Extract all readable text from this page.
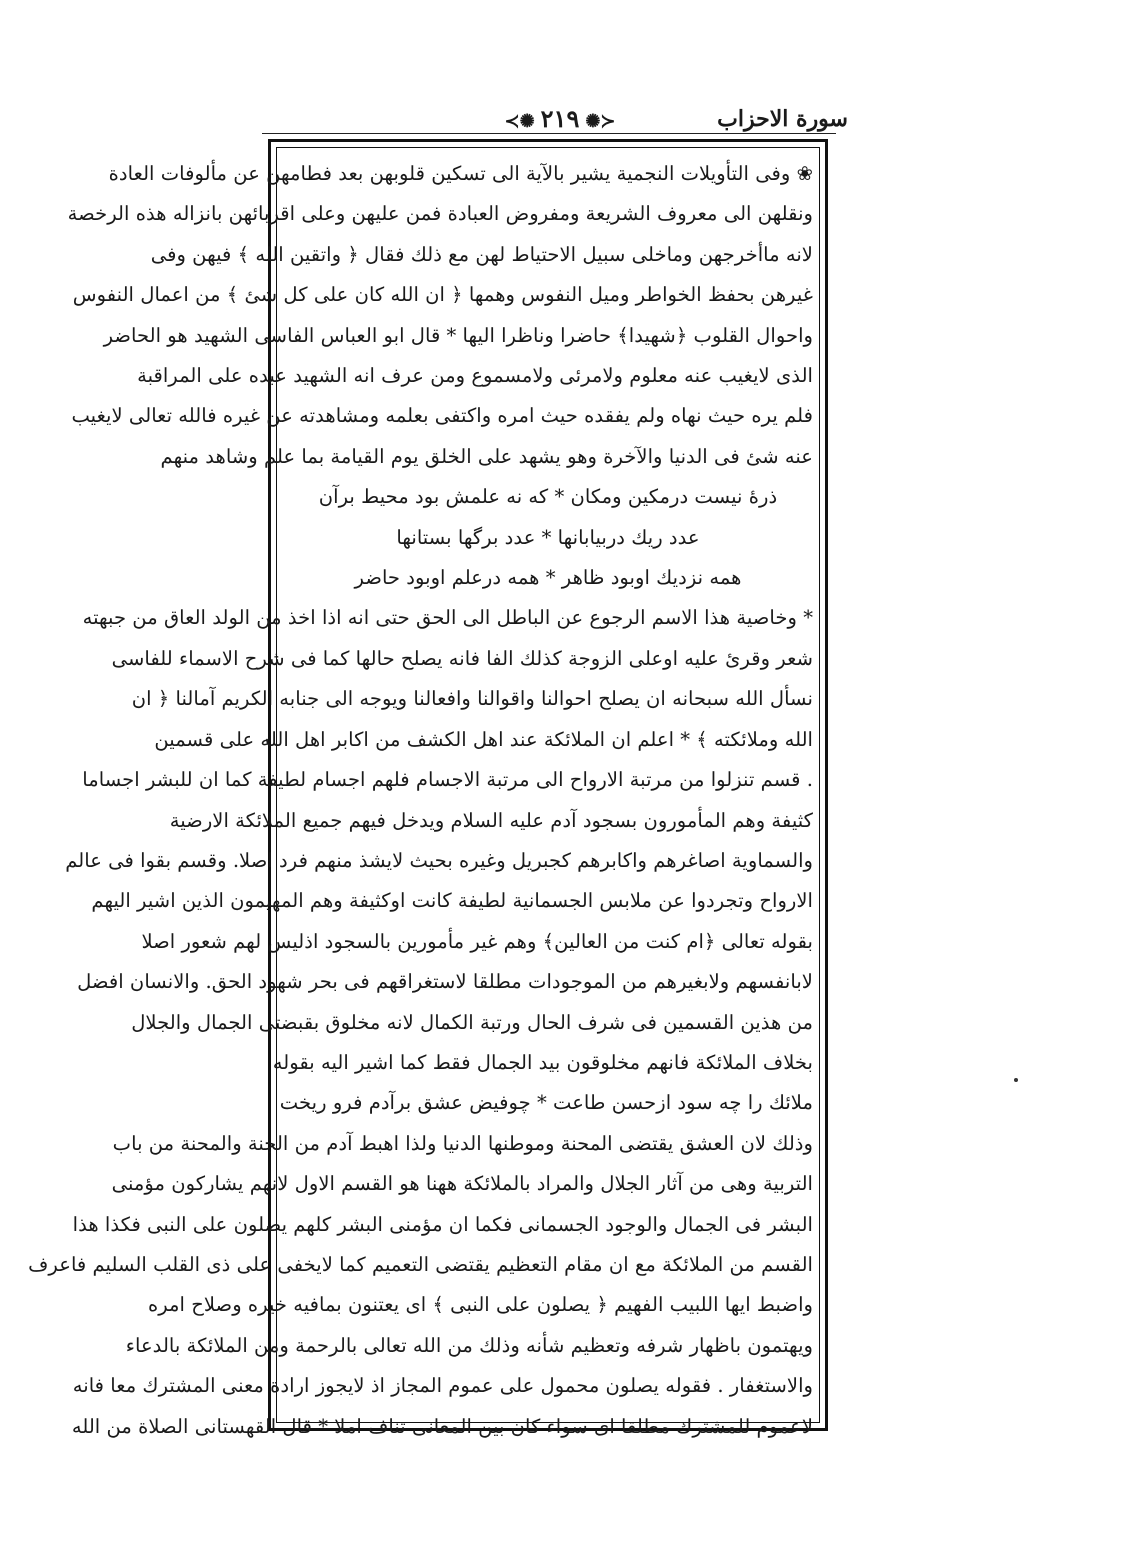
≺✺٢١٩✺≻	سورة الاحزاب
❀ وفى التأويلات النجمية يشير بالآية الى تسكين قلوبهن بعد فطامهن عن مألوفات العادة
ونقلهن الى معروف الشريعة ومفروض العبادة فمن عليهن وعلى اقربائهن بانزاله هذه الرخصة
لانه ماأخرجهن وماخلى سبيل الاحتياط لهن مع ذلك فقال ﴿ واتقين الله ﴾ فيهن وفى
غيرهن بحفظ الخواطر وميل النفوس وهمها ﴿ ان الله كان على كل شئ ﴾ من اعمال النفوس
واحوال القلوب ﴿شهيدا﴾ حاضرا وناظرا اليها * قال ابو العباس الفاسى الشهيد هو الحاضر
الذى لايغيب عنه معلوم ولامرئى ولامسموع ومن عرف انه الشهيد عبده على المراقبة
فلم يره حيث نهاه ولم يفقده حيث امره واكتفى بعلمه ومشاهدته عن غيره فالله تعالى لايغيب
عنه شئ فى الدنيا والآخرة وهو يشهد على الخلق يوم القيامة بما علم وشاهد منهم
ذرهٔ نيست درمكين ومكان * كه نه علمش بود محيط برآن
عدد ريك دربيابانها * عدد برگها بستانها
همه نزديك اوبود ظاهر * همه درعلم اوبود حاضر
* وخاصية هذا الاسم الرجوع عن الباطل الى الحق حتى انه اذا اخذ من الولد العاق من جبهته
شعر وقرئ عليه اوعلى الزوجة كذلك الفا فانه يصلح حالها كما فى شرح الاسماء للفاسى
نسأل الله سبحانه ان يصلح احوالنا واقوالنا وافعالنا ويوجه الى جنابه الكريم آمالنا ﴿ ان
الله وملائكته ﴾ * اعلم ان الملائكة عند اهل الكشف من اكابر اهل الله على قسمين
. قسم تنزلوا من مرتبة الارواح الى مرتبة الاجسام فلهم اجسام لطيفة كما ان للبشر اجساما
كثيفة وهم المأمورون بسجود آدم عليه السلام ويدخل فيهم جميع الملائكة الارضية
والسماوية اصاغرهم واكابرهم كجبريل وغيره بحيث لايشذ منهم فرد اصلا. وقسم بقوا فى عالم
الارواح وتجردوا عن ملابس الجسمانية لطيفة كانت اوكثيفة وهم المهيمون الذين اشير اليهم
بقوله تعالى ﴿ام كنت من العالين﴾ وهم غير مأمورين بالسجود اذليس لهم شعور اصلا
لابانفسهم ولابغيرهم من الموجودات مطلقا لاستغراقهم فى بحر شهود الحق. والانسان افضل
من هذين القسمين فى شرف الحال ورتبة الكمال لانه مخلوق بقبضتى الجمال والجلال
بخلاف الملائكة فانهم مخلوقون بيد الجمال فقط كما اشير اليه بقوله
ملائك را چه سود ازحسن طاعت * چوفيض عشق برآدم فرو ريخت
وذلك لان العشق يقتضى المحنة وموطنها الدنيا ولذا اهبط آدم من الجنة والمحنة من باب
التربية وهى من آثار الجلال والمراد بالملائكة ههنا هو القسم الاول لانهم يشاركون مؤمنى
البشر فى الجمال والوجود الجسمانى فكما ان مؤمنى البشر كلهم يصلون على النبى فكذا هذا
القسم من الملائكة مع ان مقام التعظيم يقتضى التعميم كما لايخفى على ذى القلب السليم فاعرف
واضبط ايها اللبيب الفهيم ﴿ يصلون على النبى ﴾ اى يعتنون بمافيه خيره وصلاح امره
ويهتمون باظهار شرفه وتعظيم شأنه وذلك من الله تعالى بالرحمة ومن الملائكة بالدعاء
والاستغفار . فقوله يصلون محمول على عموم المجاز اذ لايجوز ارادة معنى المشترك معا فانه
لاعموم للمشترك مطلقا اى سواء كان بين المعانى تناف املا * قال القهستانى الصلاة من الله
